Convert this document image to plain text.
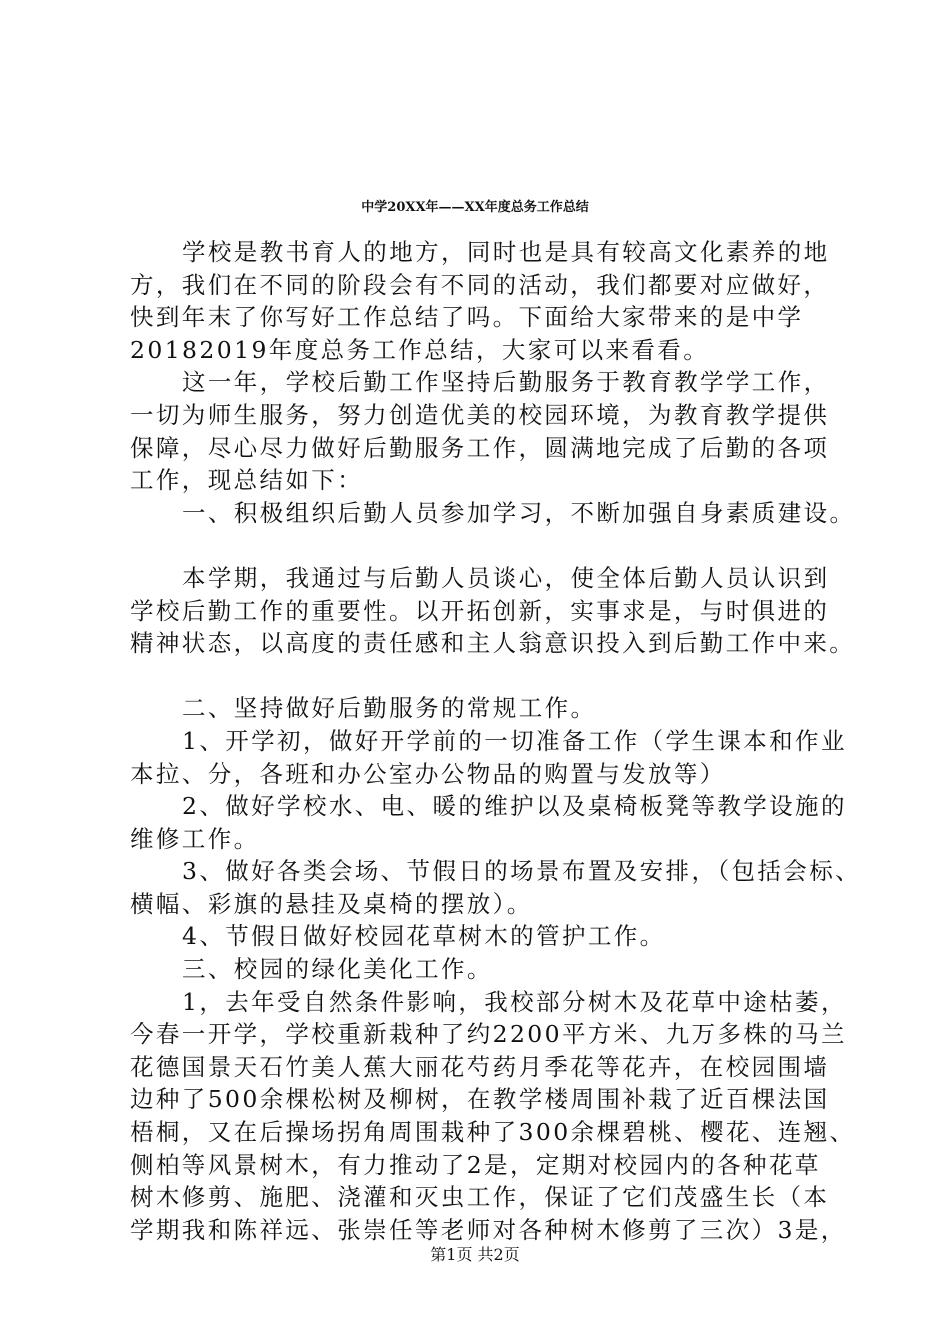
中学20XX年——XX年度总务工作总结
学校是教书育人的地方，同时也是具有较高文化素养的地
方，我们在不同的阶段会有不同的活动，我们都要对应做好，
快到年末了你写好工作总结了吗。下面给大家带来的是中学
20182019年度总务工作总结，大家可以来看看。
这一年，学校后勤工作坚持后勤服务于教育教学学工作，
一切为师生服务，努力创造优美的校园环境，为教育教学提供
保障，尽心尽力做好后勤服务工作，圆满地完成了后勤的各项
工作，现总结如下：
一、积极组织后勤人员参加学习，不断加强自身素质建设。
本学期，我通过与后勤人员谈心，使全体后勤人员认识到
学校后勤工作的重要性。以开拓创新，实事求是，与时俱进的
精神状态，以高度的责任感和主人翁意识投入到后勤工作中来。
二、坚持做好后勤服务的常规工作。
1、开学初，做好开学前的一切准备工作（学生课本和作业
本拉、分，各班和办公室办公物品的购置与发放等）
2、做好学校水、电、暖的维护以及桌椅板凳等教学设施的
维修工作。
3、做好各类会场、节假日的场景布置及安排，（包括会标、
横幅、彩旗的悬挂及桌椅的摆放）。
4、节假日做好校园花草树木的管护工作。
三、校园的绿化美化工作。
1，去年受自然条件影响，我校部分树木及花草中途枯萎，
今春一开学，学校重新栽种了约2200平方米、九万多株的马兰
花德国景天石竹美人蕉大丽花芍药月季花等花卉，在校园围墙
边种了500余棵松树及柳树，在教学楼周围补栽了近百棵法国
梧桐，又在后操场拐角周围栽种了300余棵碧桃、樱花、连翘、
侧柏等风景树木，有力推动了2是，定期对校园内的各种花草
树木修剪、施肥、浇灌和灭虫工作，保证了它们茂盛生长（本
学期我和陈祥远、张崇任等老师对各种树木修剪了三次）3是，
第1页 共2页
